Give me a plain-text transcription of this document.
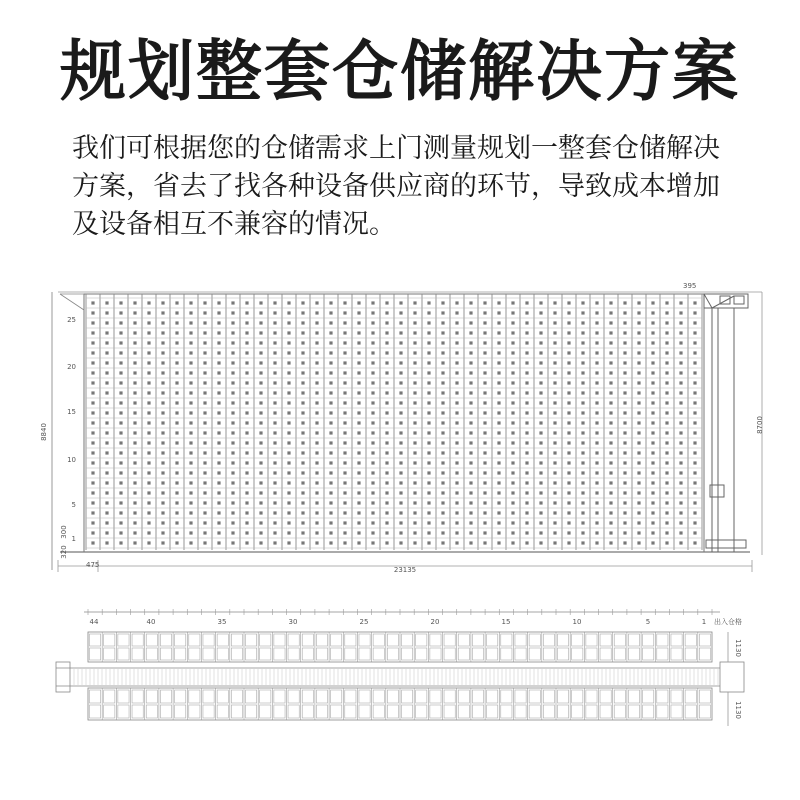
规划整套仓储解决方案
我们可根据您的仓储需求上门测量规划一整套仓储解决
方案，省去了找各种设备供应商的环节，导致成本增加
及设备相互不兼容的情况。
25
20
15
10
5
1
395
8840	8700
23135
475
300
320
44	40	35	30	25	20	15	10	5	1 出入仓格
1130
1130
